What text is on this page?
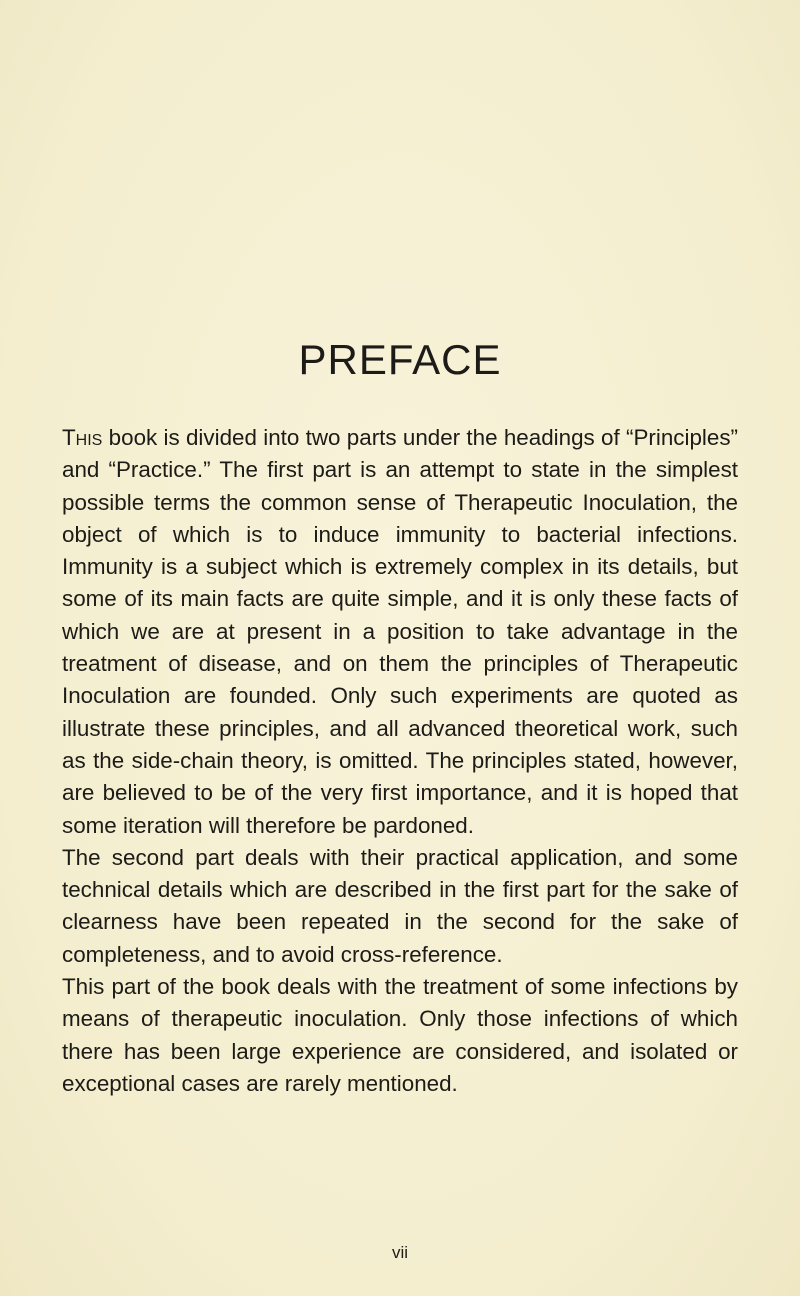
PREFACE

This book is divided into two parts under the headings of “Principles” and “Practice.” The first part is an attempt to state in the simplest possible terms the common sense of Therapeutic Inoculation, the object of which is to induce immunity to bacterial infections. Immunity is a subject which is extremely complex in its details, but some of its main facts are quite simple, and it is only these facts of which we are at present in a position to take advantage in the treatment of disease, and on them the principles of Therapeutic Inoculation are founded. Only such experiments are quoted as illustrate these principles, and all advanced theoretical work, such as the side-chain theory, is omitted. The principles stated, however, are believed to be of the very first importance, and it is hoped that some iteration will therefore be pardoned.

The second part deals with their practical application, and some technical details which are described in the first part for the sake of clearness have been repeated in the second for the sake of completeness, and to avoid cross-reference.

This part of the book deals with the treatment of some infections by means of therapeutic inoculation. Only those infections of which there has been large experience are considered, and isolated or exceptional cases are rarely mentioned.

vii
